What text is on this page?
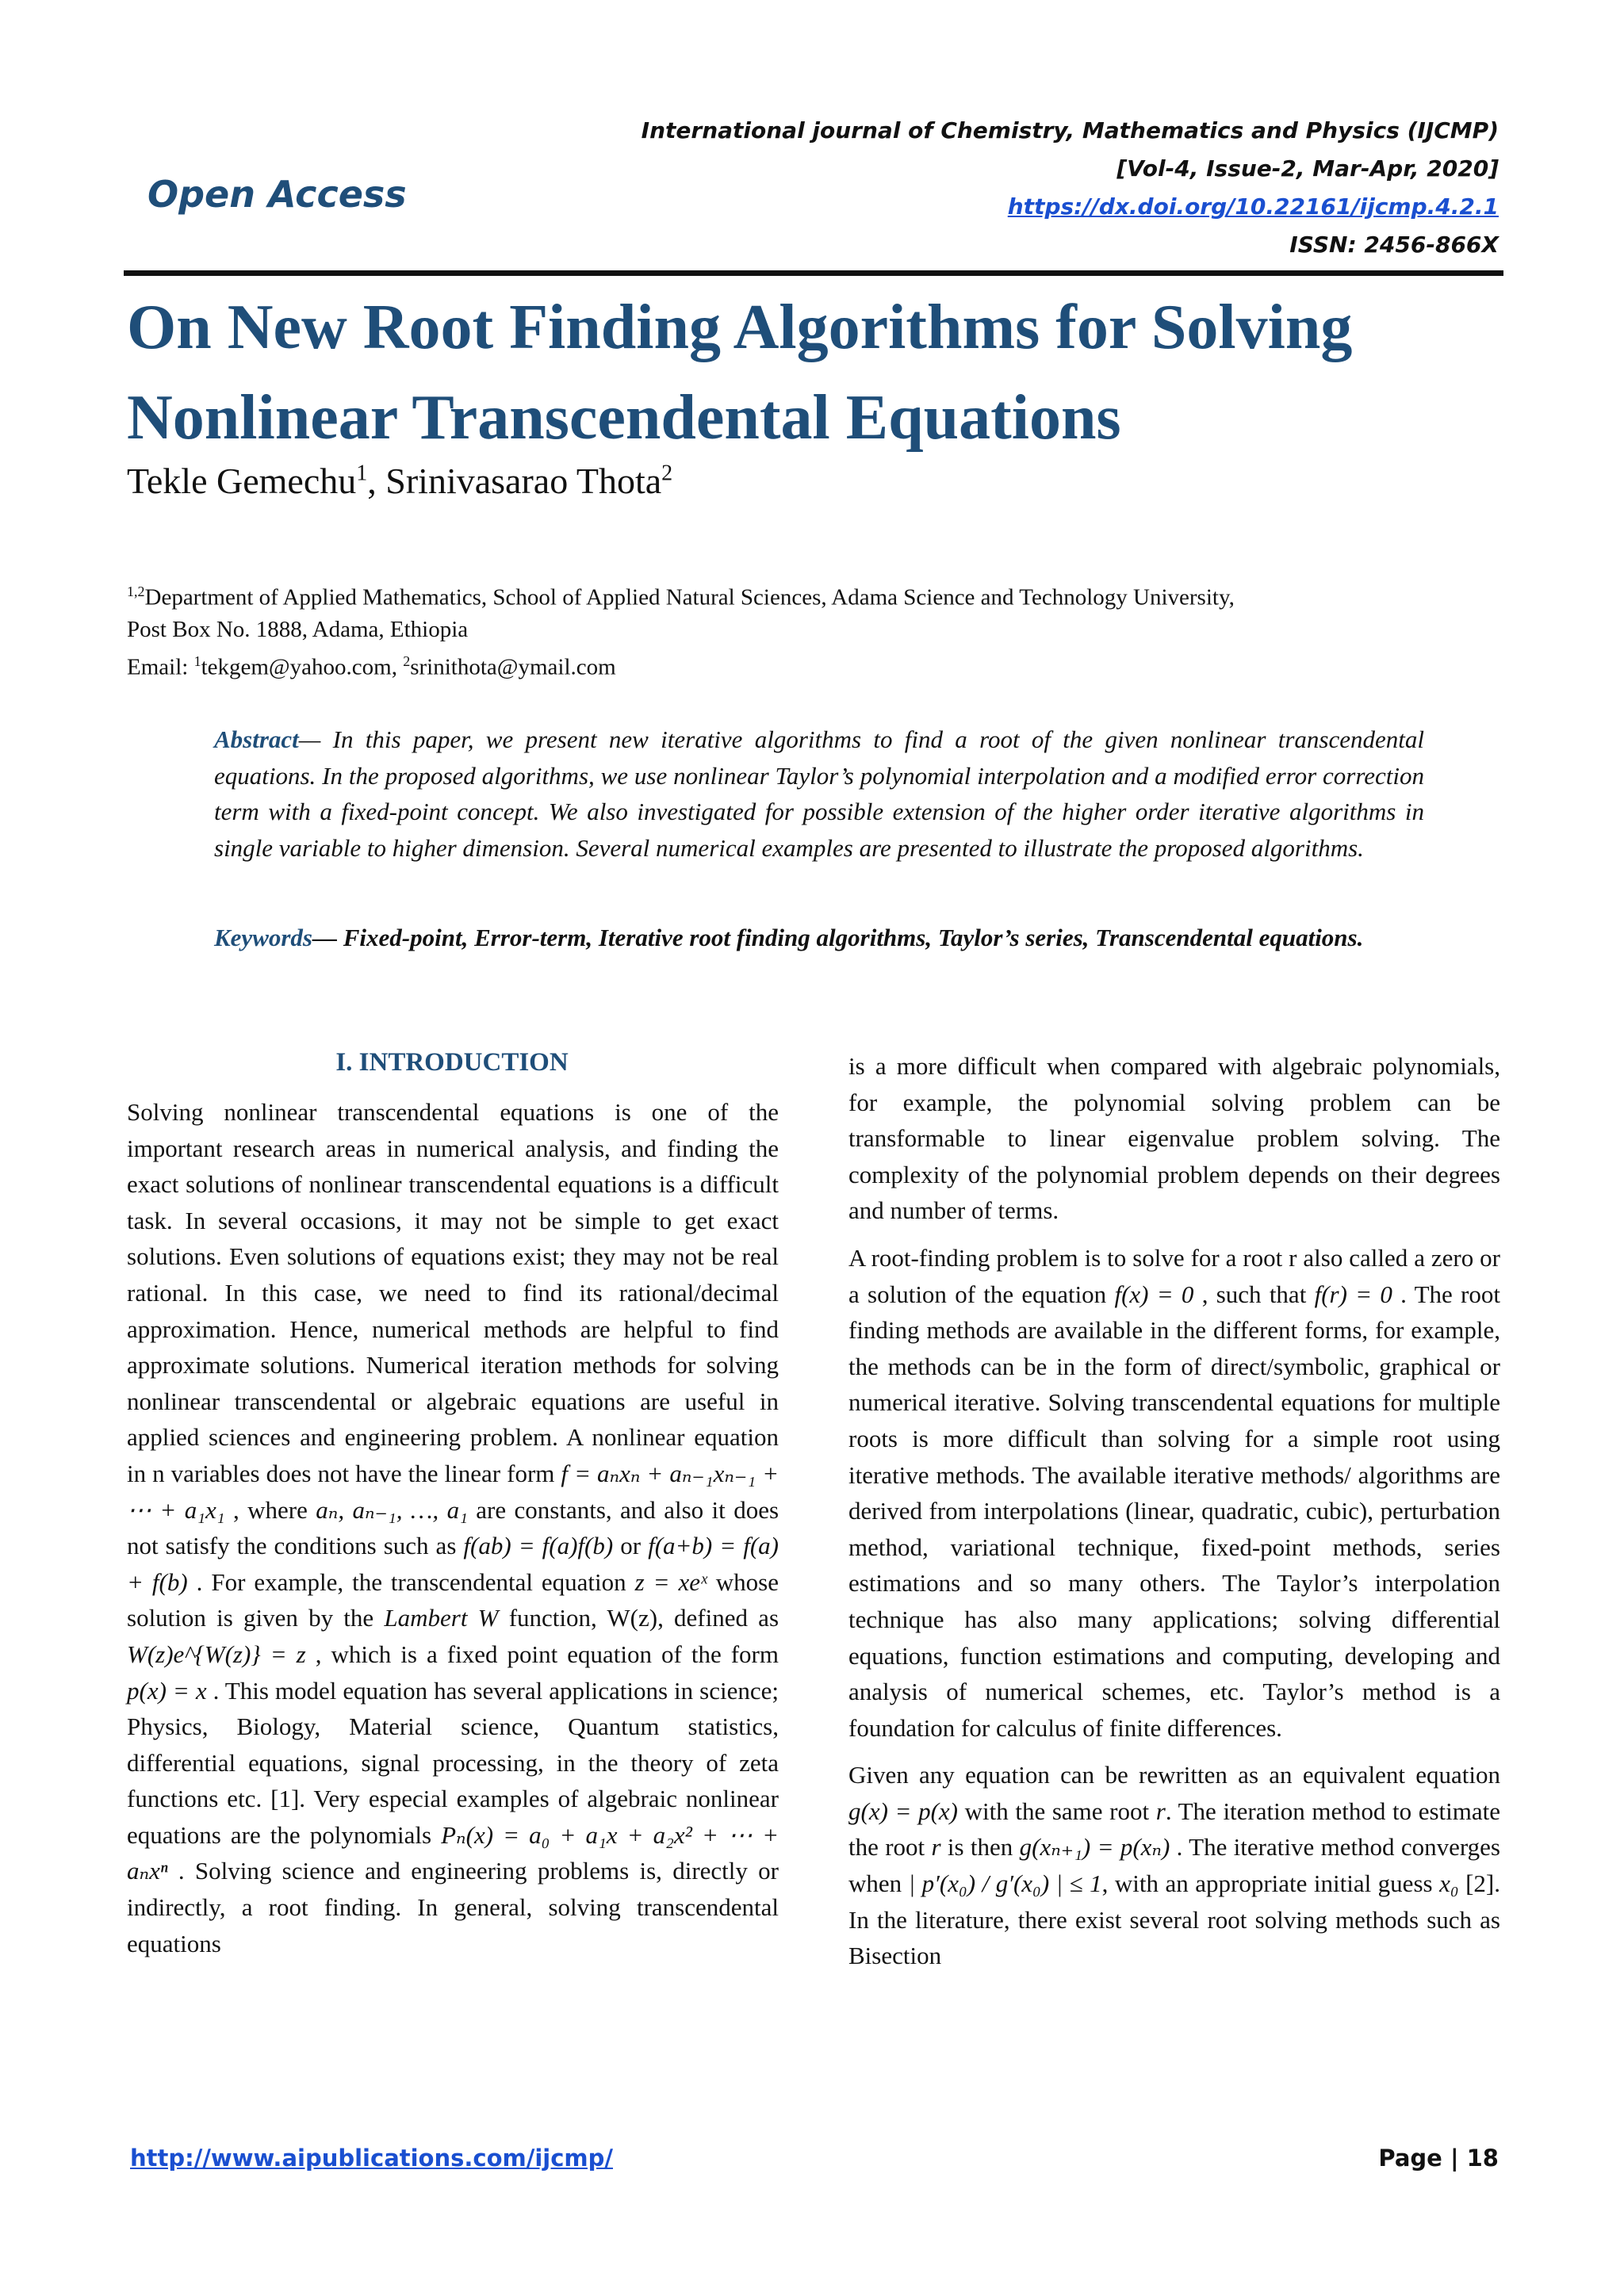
International journal of Chemistry, Mathematics and Physics (IJCMP)
[Vol-4, Issue-2, Mar-Apr, 2020]
https://dx.doi.org/10.22161/ijcmp.4.2.1
ISSN: 2456-866X
Open Access
On New Root Finding Algorithms for Solving Nonlinear Transcendental Equations
Tekle Gemechu$^1$, Srinivasarao Thota$^2$
$^{1,2}$Department of Applied Mathematics, School of Applied Natural Sciences, Adama Science and Technology University,
Post Box No. 1888, Adama, Ethiopia
Email: $^1$tekgem@yahoo.com, $^2$srinithota@ymail.com
Abstract— In this paper, we present new iterative algorithms to find a root of the given nonlinear transcendental equations. In the proposed algorithms, we use nonlinear Taylor’s polynomial interpolation and a modified error correction term with a fixed-point concept. We also investigated for possible extension of the higher order iterative algorithms in single variable to higher dimension. Several numerical examples are presented to illustrate the proposed algorithms.
Keywords— Fixed-point, Error-term, Iterative root finding algorithms, Taylor’s series, Transcendental equations.
I. INTRODUCTION

Solving nonlinear transcendental equations is one of the important research areas in numerical analysis, and finding the exact solutions of nonlinear transcendental equations is a difficult task. In several occasions, it may not be simple to get exact solutions. Even solutions of equations exist; they may not be real rational. In this case, we need to find its rational/decimal approximation. Hence, numerical methods are helpful to find approximate solutions. Numerical iteration methods for solving nonlinear transcendental or algebraic equations are useful in applied sciences and engineering problem. A nonlinear equation in n variables does not have the linear form f = aₙxₙ + aₙ₋₁xₙ₋₁ + ⋯ + a₁x₁ , where aₙ, aₙ₋₁, …, a₁ are constants, and also it does not satisfy the conditions such as f(ab) = f(a)f(b) or f(a+b) = f(a) + f(b) . For example, the transcendental equation z = xeˣ whose solution is given by the Lambert W function, W(z), defined as W(z)e^{W(z)} = z , which is a fixed point equation of the form p(x) = x . This model equation has several applications in science; Physics, Biology, Material science, Quantum statistics, differential equations, signal processing, in the theory of zeta functions etc. [1]. Very especial examples of algebraic nonlinear equations are the polynomials Pₙ(x) = a₀ + a₁x + a₂x² + ⋯ + aₙxⁿ . Solving science and engineering problems is, directly or indirectly, a root finding. In general, solving transcendental equations

is a more difficult when compared with algebraic polynomials, for example, the polynomial solving problem can be transformable to linear eigenvalue problem solving. The complexity of the polynomial problem depends on their degrees and number of terms.

A root-finding problem is to solve for a root r also called a zero or a solution of the equation f(x) = 0 , such that f(r) = 0 . The root finding methods are available in the different forms, for example, the methods can be in the form of direct/symbolic, graphical or numerical iterative. Solving transcendental equations for multiple roots is more difficult than solving for a simple root using iterative methods. The available iterative methods/ algorithms are derived from interpolations (linear, quadratic, cubic), perturbation method, variational technique, fixed-point methods, series estimations and so many others. The Taylor’s interpolation technique has also many applications; solving differential equations, function estimations and computing, developing and analysis of numerical schemes, etc. Taylor’s method is a foundation for calculus of finite differences.

Given any equation can be rewritten as an equivalent equation g(x) = p(x) with the same root r. The iteration method to estimate the root r is then g(xₙ₊₁) = p(xₙ) . The iterative method converges when | p′(x₀) / g′(x₀) | ≤ 1, with an appropriate initial guess x₀ [2]. In the literature, there exist several root solving methods such as Bisection

http://www.aipublications.com/ijcmp/	Page | 18
